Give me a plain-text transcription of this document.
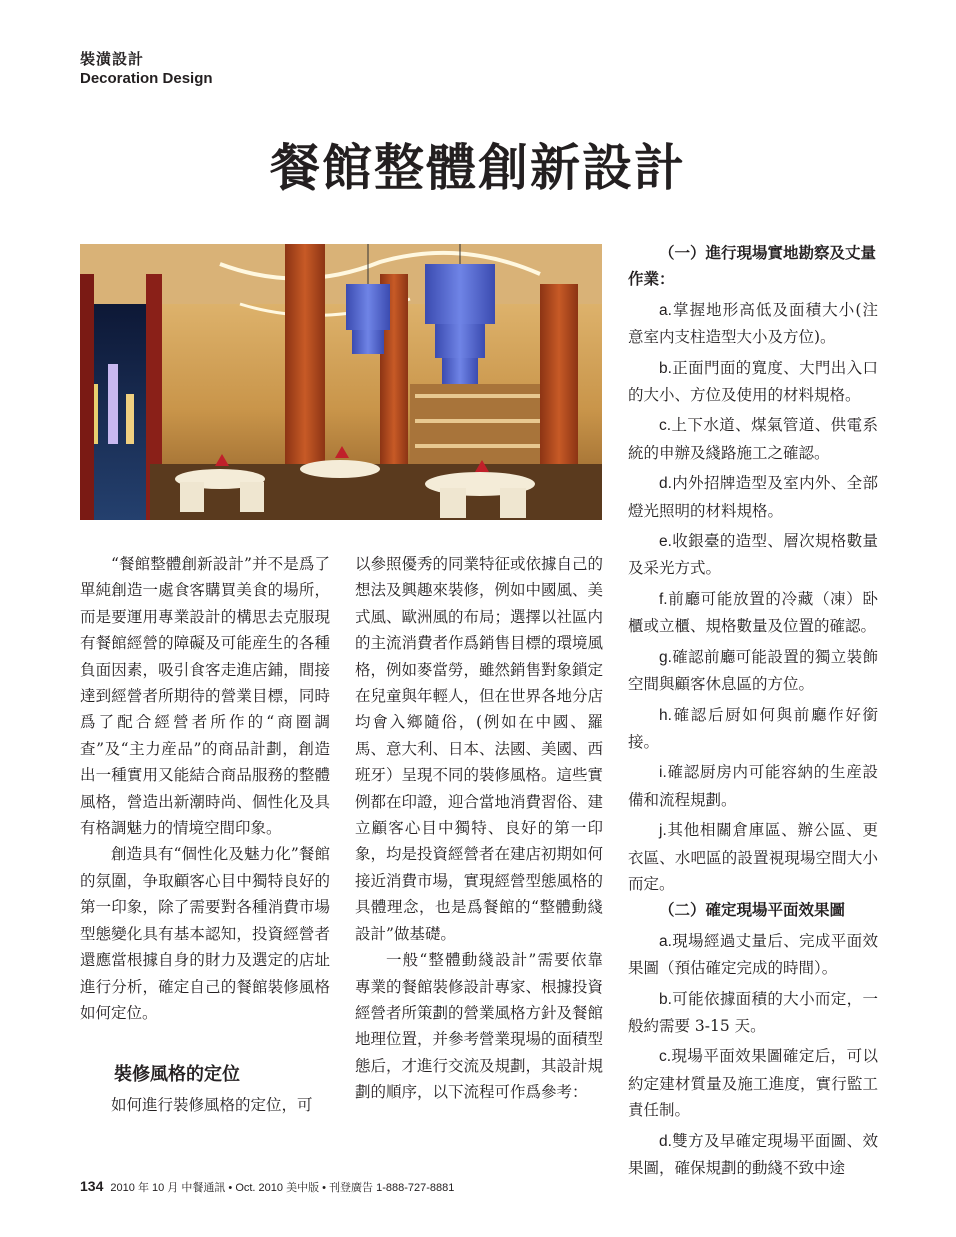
裝潢設計
Decoration Design
餐館整體創新設計

“餐館整體創新設計”并不是爲了單純創造一處食客購買美食的場所，而是要運用專業設計的構思去克服現有餐館經營的障礙及可能産生的各種負面因素，吸引食客走進店鋪，間接達到經營者所期待的營業目標，同時爲了配合經營者所作的“商圈調查”及“主力産品”的商品計劃，創造出一種實用又能結合商品服務的整體風格，營造出新潮時尚、個性化及具有格調魅力的情境空間印象。

創造具有“個性化及魅力化”餐館的氛圍，争取顧客心目中獨特良好的第一印象，除了需要對各種消費市場型態變化具有基本認知，投資經營者還應當根據自身的財力及選定的店址進行分析，確定自己的餐館裝修風格如何定位。

裝修風格的定位

如何進行裝修風格的定位，可

以參照優秀的同業特征或依據自己的想法及興趣來裝修，例如中國風、美式風、歐洲風的布局；選擇以社區内的主流消費者作爲銷售目標的環境風格，例如麥當勞，雖然銷售對象鎖定在兒童與年輕人，但在世界各地分店均會入鄉隨俗，(例如在中國、羅馬、意大利、日本、法國、美國、西班牙）呈現不同的裝修風格。這些實例都在印證，迎合當地消費習俗、建立顧客心目中獨特、良好的第一印象，均是投資經營者在建店初期如何接近消費市場，實現經營型態風格的具體理念，也是爲餐館的“整體動綫設計”做基礎。

一般“整體動綫設計”需要依靠專業的餐館裝修設計專家、根據投資經營者所策劃的營業風格方針及餐館地理位置，并參考營業現場的面積型態后，才進行交流及規劃，其設計規劃的順序，以下流程可作爲參考：

（一）進行現場實地勘察及丈量

作業：

a.掌握地形高低及面積大小(注意室内支柱造型大小及方位)。

b.正面門面的寬度、大門出入口的大小、方位及使用的材料規格。

c.上下水道、煤氣管道、供電系統的申辦及綫路施工之確認。

d.内外招牌造型及室内外、全部燈光照明的材料規格。

e.收銀臺的造型、層次規格數量及采光方式。

f.前廳可能放置的冷藏（凍）卧櫃或立櫃、規格數量及位置的確認。

g.確認前廳可能設置的獨立裝飾空間與顧客休息區的方位。

h.確認后厨如何與前廳作好銜接。

i.確認厨房内可能容納的生産設備和流程規劃。

j.其他相關倉庫區、辦公區、更衣區、水吧區的設置視現場空間大小而定。

（二）確定現場平面效果圖

a.現場經過丈量后、完成平面效果圖（預估確定完成的時間）。

b.可能依據面積的大小而定，一般約需要 3-15 天。

c.現場平面效果圖確定后，可以約定建材質量及施工進度，實行監工責任制。

d.雙方及早確定現場平面圖、效果圖，確保規劃的動綫不致中途

134 2010 年 10 月 中餐通訊 • Oct. 2010 美中版 • 刊登廣告 1-888-727-8881
